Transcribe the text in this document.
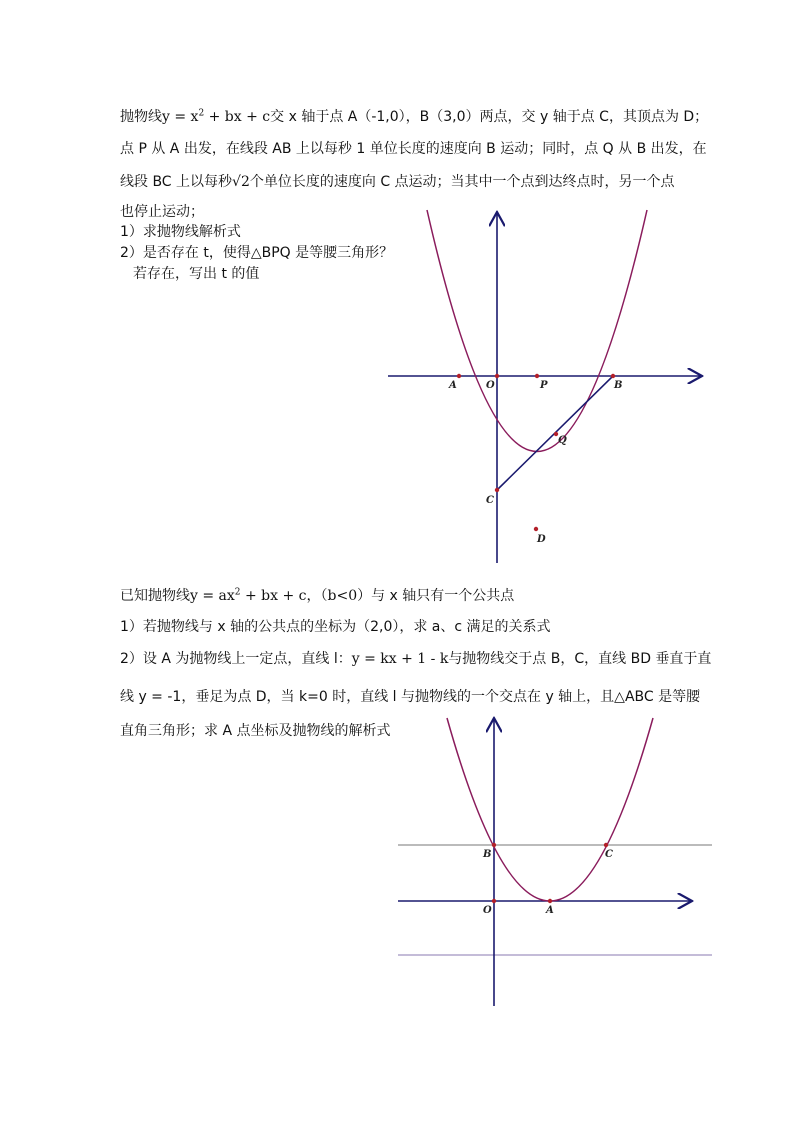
抛物线$y = x^2$ + bx + c交 x 轴于点 A（-1,0），B（3,0）两点，交 y 轴于点 C，其顶点为 D；
点 P 从 A 出发，在线段 AB 上以每秒 1 单位长度的速度向 B 运动；同时，点 Q 从 B 出发，在
线段 BC 上以每秒√2个单位长度的速度向 C 点运动；当其中一个点到达终点时，另一个点
也停止运动；
1）求抛物线解析式
2）是否存在 t，使得△BPQ 是等腰三角形？
若存在，写出 t 的值
已知抛物线$y = ax^2$ + bx + c，（b<0）与 x 轴只有一个公共点
1）若抛物线与 x 轴的公共点的坐标为（2,0），求 a、c 满足的关系式
2）设 A 为抛物线上一定点，直线 l：y = kx + 1 - k与抛物线交于点 B，C，直线 BD 垂直于直
线 y = -1，垂足为点 D，当 k=0 时，直线 l 与抛物线的一个交点在 y 轴上，且△ABC 是等腰
直角三角形；求 A 点坐标及抛物线的解析式
A	O	P	B
Q
C
D
B	C
O	A
